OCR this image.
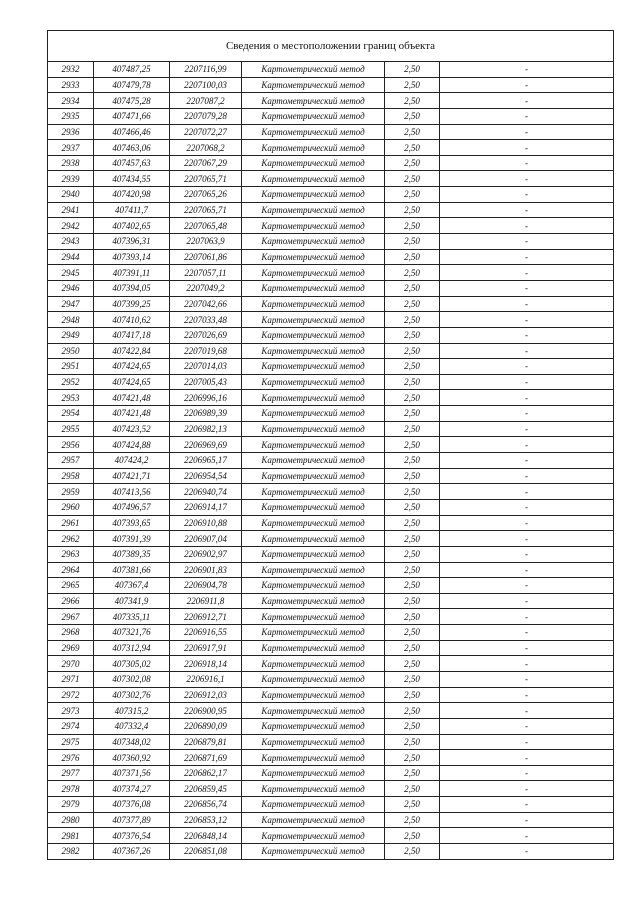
Сведения о местоположении границ объекта					
2932	407487,25	2207116,99	Картометрический метод	2,50	-
2933	407479,78	2207100,03	Картометрический метод	2,50	-
2934	407475,28	2207087,2	Картометрический метод	2,50	-
2935	407471,66	2207079,28	Картометрический метод	2,50	-
2936	407466,46	2207072,27	Картометрический метод	2,50	-
2937	407463,06	2207068,2	Картометрический метод	2,50	-
2938	407457,63	2207067,29	Картометрический метод	2,50	-
2939	407434,55	2207065,71	Картометрический метод	2,50	-
2940	407420,98	2207065,26	Картометрический метод	2,50	-
2941	407411,7	2207065,71	Картометрический метод	2,50	-
2942	407402,65	2207065,48	Картометрический метод	2,50	-
2943	407396,31	2207063,9	Картометрический метод	2,50	-
2944	407393,14	2207061,86	Картометрический метод	2,50	-
2945	407391,11	2207057,11	Картометрический метод	2,50	-
2946	407394,05	2207049,2	Картометрический метод	2,50	-
2947	407399,25	2207042,66	Картометрический метод	2,50	-
2948	407410,62	2207033,48	Картометрический метод	2,50	-
2949	407417,18	2207026,69	Картометрический метод	2,50	-
2950	407422,84	2207019,68	Картометрический метод	2,50	-
2951	407424,65	2207014,03	Картометрический метод	2,50	-
2952	407424,65	2207005,43	Картометрический метод	2,50	-
2953	407421,48	2206996,16	Картометрический метод	2,50	-
2954	407421,48	2206989,39	Картометрический метод	2,50	-
2955	407423,52	2206982,13	Картометрический метод	2,50	-
2956	407424,88	2206969,69	Картометрический метод	2,50	-
2957	407424,2	2206965,17	Картометрический метод	2,50	-
2958	407421,71	2206954,54	Картометрический метод	2,50	-
2959	407413,56	2206940,74	Картометрический метод	2,50	-
2960	407496,57	2206914,17	Картометрический метод	2,50	-
2961	407393,65	2206910,88	Картометрический метод	2,50	-
2962	407391,39	2206907,04	Картометрический метод	2,50	-
2963	407389,35	2206902,97	Картометрический метод	2,50	-
2964	407381,66	2206901,83	Картометрический метод	2,50	-
2965	407367,4	2206904,78	Картометрический метод	2,50	-
2966	407341,9	2206911,8	Картометрический метод	2,50	-
2967	407335,11	2206912,71	Картометрический метод	2,50	-
2968	407321,76	2206916,55	Картометрический метод	2,50	-
2969	407312,94	2206917,91	Картометрический метод	2,50	-
2970	407305,02	2206918,14	Картометрический метод	2,50	-
2971	407302,08	2206916,1	Картометрический метод	2,50	-
2972	407302,76	2206912,03	Картометрический метод	2,50	-
2973	407315,2	2206900,95	Картометрический метод	2,50	-
2974	407332,4	2206890,09	Картометрический метод	2,50	-
2975	407348,02	2206879,81	Картометрический метод	2,50	-
2976	407360,92	2206871,69	Картометрический метод	2,50	-
2977	407371,56	2206862,17	Картометрический метод	2,50	-
2978	407374,27	2206859,45	Картометрический метод	2,50	-
2979	407376,08	2206856,74	Картометрический метод	2,50	-
2980	407377,89	2206853,12	Картометрический метод	2,50	-
2981	407376,54	2206848,14	Картометрический метод	2,50	-
2982	407367,26	2206851,08	Картометрический метод	2,50	-
